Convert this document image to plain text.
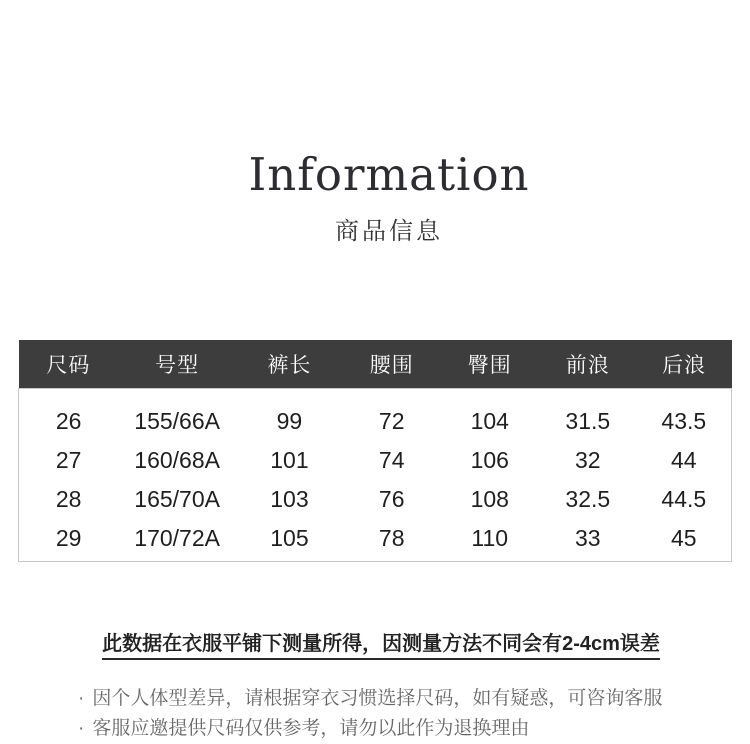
Information
商品信息
尺码	号型	裤长	腰围	臀围	前浪	后浪
26	155/66A	99	72	104	31.5	43.5
27	160/68A	101	74	106	32	44
28	165/70A	103	76	108	32.5	44.5
29	170/72A	105	78	110	33	45
此数据在衣服平铺下测量所得，因测量方法不同会有2-4cm误差
· 因个人体型差异，请根据穿衣习惯选择尺码，如有疑惑，可咨询客服
· 客服应邀提供尺码仅供参考，请勿以此作为退换理由
